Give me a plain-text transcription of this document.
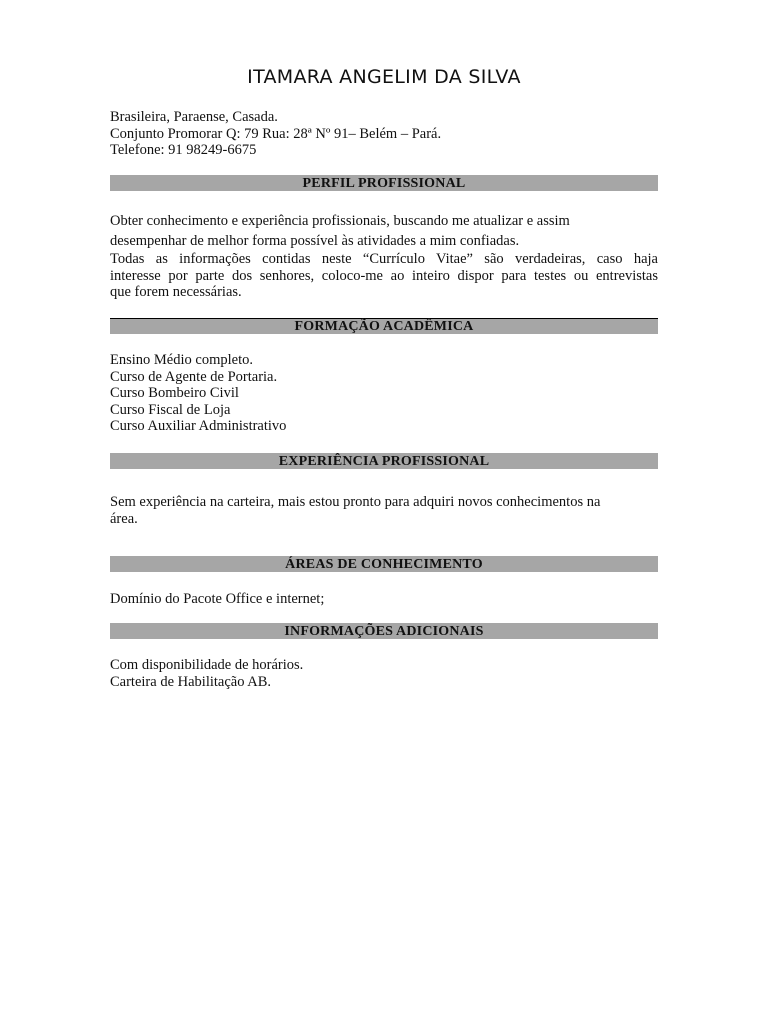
ITAMARA ANGELIM DA SILVA
Brasileira, Paraense, Casada.
Conjunto Promorar Q: 79 Rua: 28ª Nº 91– Belém – Pará.
Telefone: 91 98249-6675
PERFIL PROFISSIONAL
Obter conhecimento e experiência profissionais, buscando me atualizar e assim
desempenhar de melhor forma possível às atividades a mim confiadas.
Todas as informações contidas neste “Currículo Vitae” são verdadeiras, caso haja
interesse por parte dos senhores, coloco-me ao inteiro dispor para testes ou entrevistas
que forem necessárias.
FORMAÇÃO ACADÊMICA
Ensino Médio completo.
Curso de Agente de Portaria.
Curso Bombeiro Civil
Curso Fiscal de Loja
Curso Auxiliar Administrativo
EXPERIÊNCIA PROFISSIONAL
Sem experiência na carteira, mais estou pronto para adquiri novos conhecimentos na
área.
ÁREAS DE CONHECIMENTO
Domínio do Pacote Office e internet;
INFORMAÇÕES ADICIONAIS
Com disponibilidade de horários.
Carteira de Habilitação AB.
